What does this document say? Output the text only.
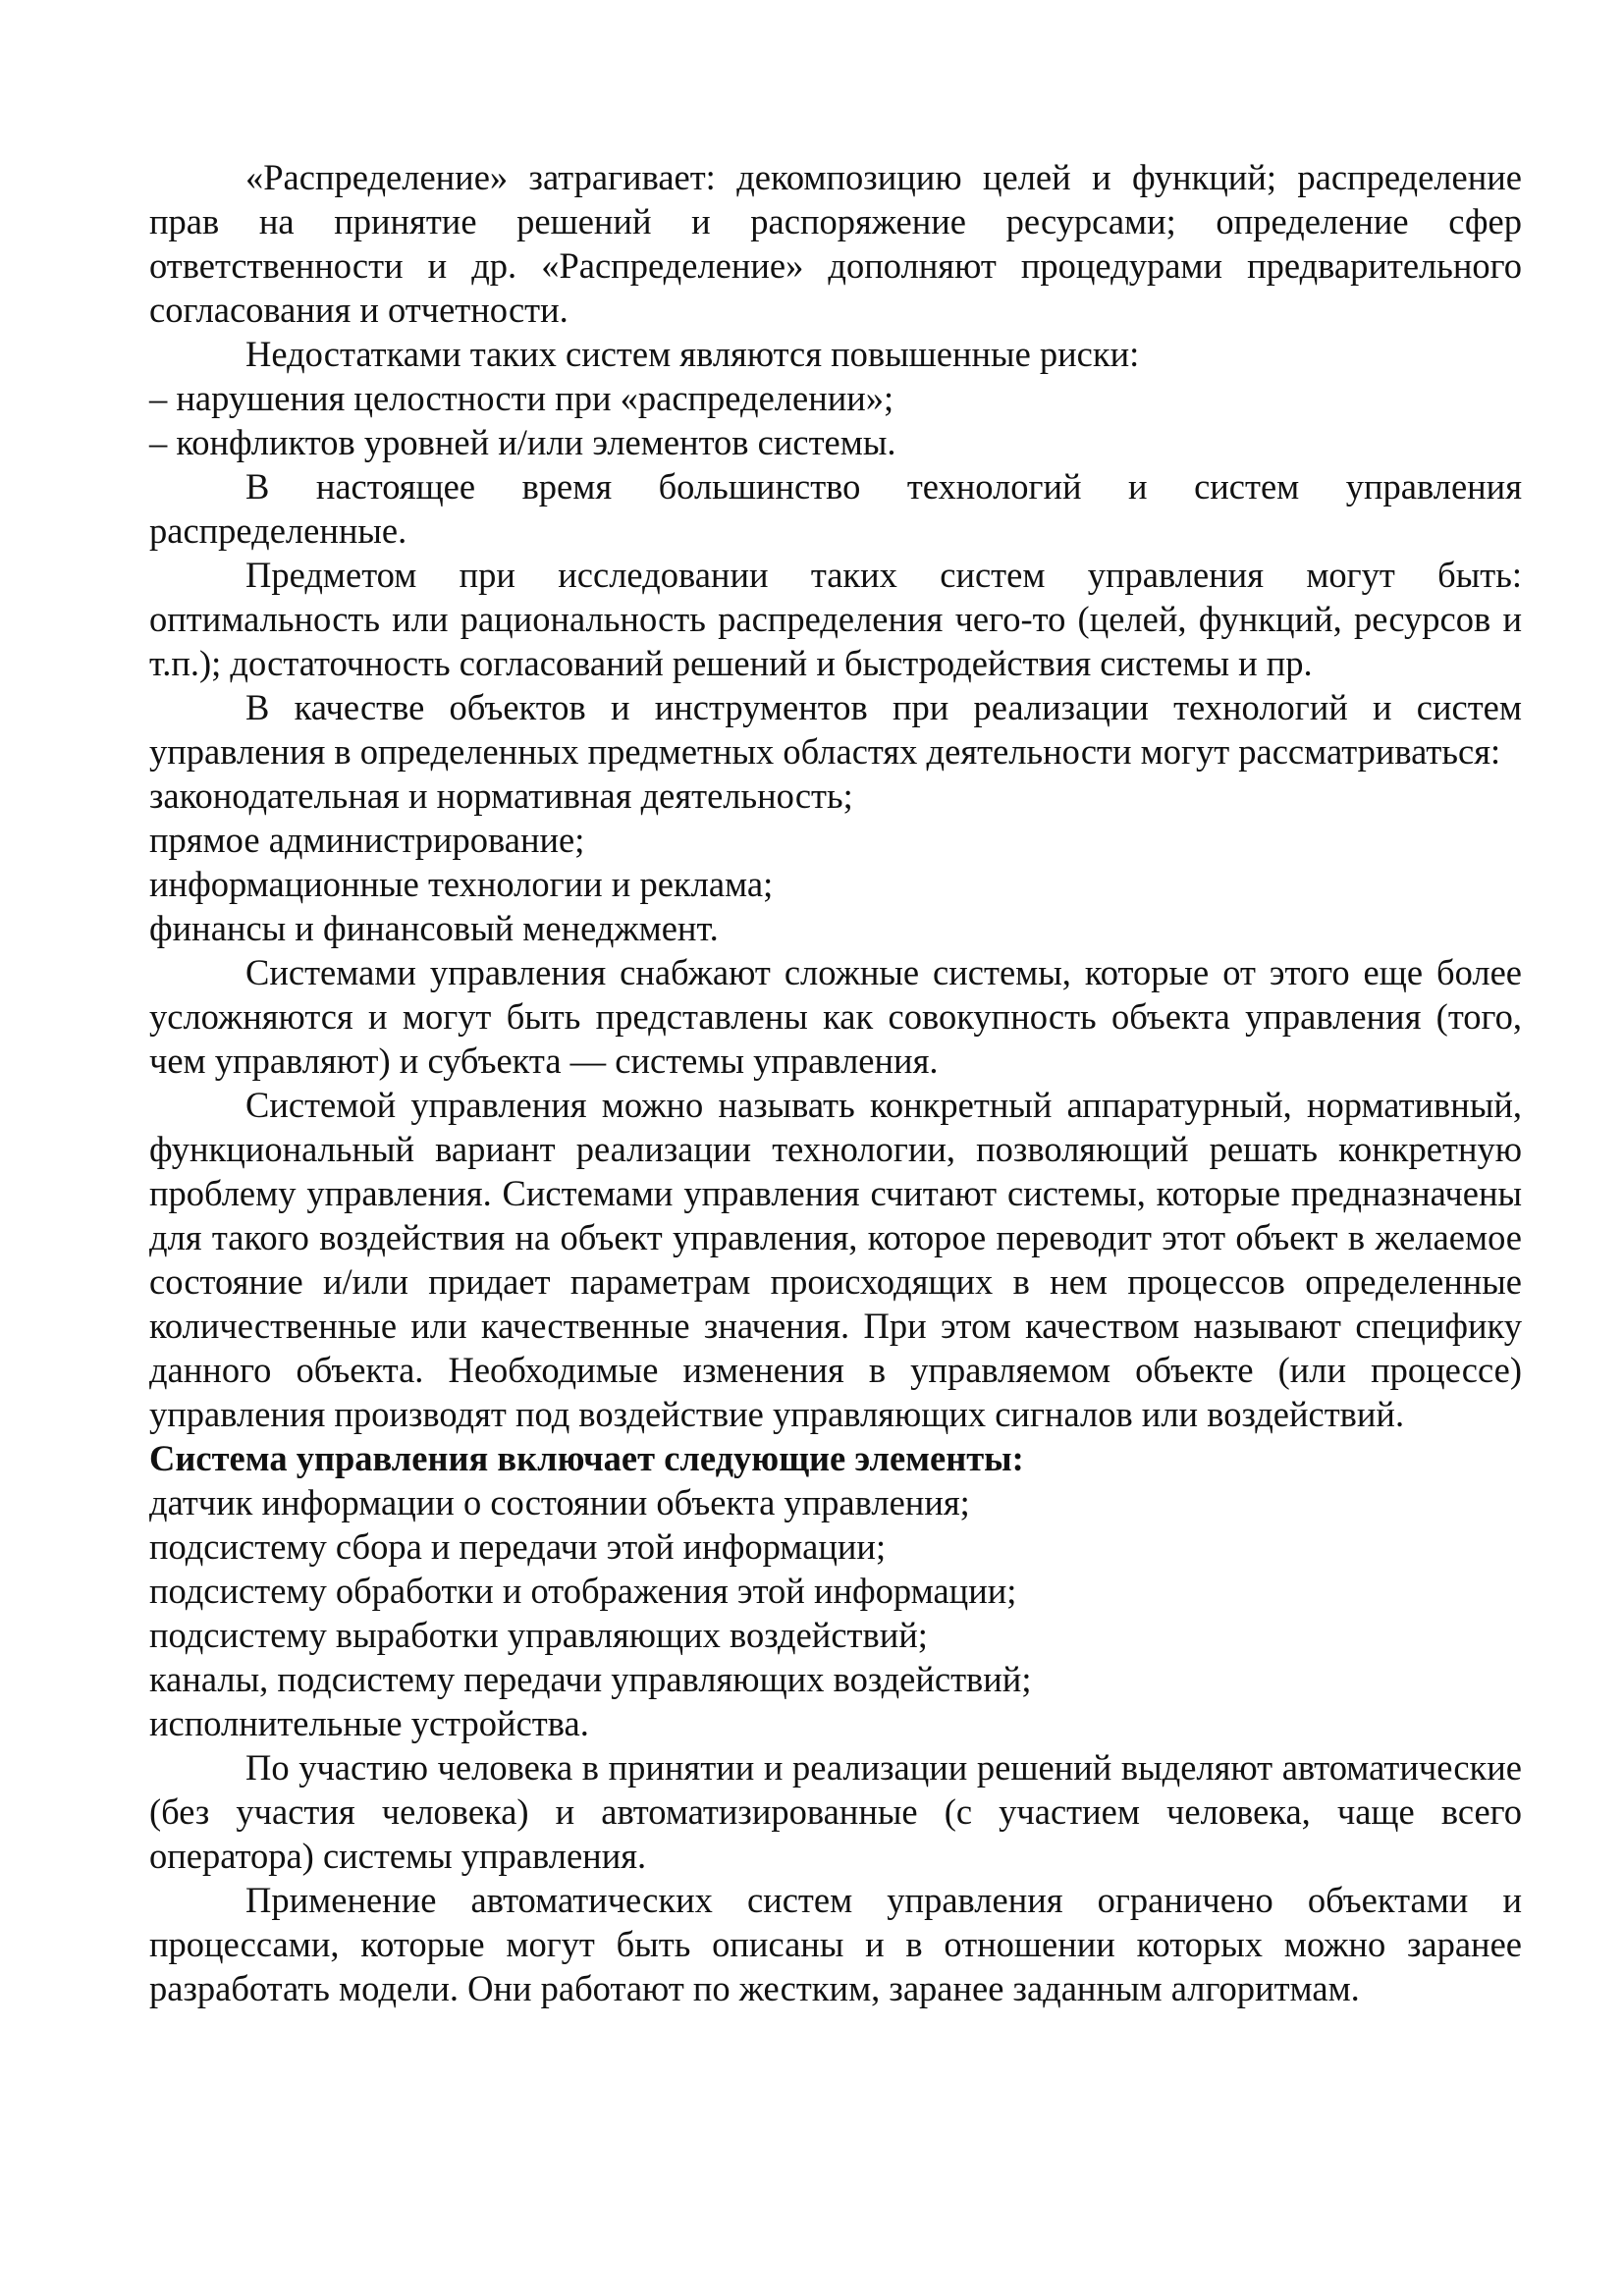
«Распределение» затрагивает: декомпозицию целей и функций; распределение прав на принятие решений и распоряжение ресурсами; определение сфер ответственности и др. «Распределение» дополняют процедурами предварительного согласования и отчетности.

Недостатками таких систем являются повышенные риски:

– нарушения целостности при «распределении»;

– конфликтов уровней и/или элементов системы.

В настоящее время большинство технологий и систем управления распределенные.

Предметом при исследовании таких систем управления могут быть: оптимальность или рациональность распределения чего-то (целей, функций, ресурсов и т.п.); достаточность согласований решений и быстродействия системы и пр.

В качестве объектов и инструментов при реализации технологий и систем управления в определенных предметных областях деятельности могут рассматриваться:

законодательная и нормативная деятельность;

прямое администрирование;

информационные технологии и реклама;

финансы и финансовый менеджмент.

Системами управления снабжают сложные системы, которые от этого еще более усложняются и могут быть представлены как совокупность объекта управления (того, чем управляют) и субъекта — системы управления.

Системой управления можно называть конкретный аппаратурный, нормативный, функциональный вариант реализации технологии, позволяющий решать конкретную проблему управления. Системами управления считают системы, которые предназначены для такого воздействия на объект управления, которое переводит этот объект в желаемое состояние и/или придает параметрам происходящих в нем процессов определенные количественные или качественные значения. При этом качеством называют специфику данного объекта. Необходимые изменения в управляемом объекте (или процессе) управления производят под воздействие управляющих сигналов или воздействий.

Система управления включает следующие элементы:

датчик информации о состоянии объекта управления;

подсистему сбора и передачи этой информации;

подсистему обработки и отображения этой информации;

подсистему выработки управляющих воздействий;

каналы, подсистему передачи управляющих воздействий;

исполнительные устройства.

По участию человека в принятии и реализации решений выделяют автоматические (без участия человека) и автоматизированные (с участием человека, чаще всего оператора) системы управления.

Применение автоматических систем управления ограничено объектами и процессами, которые могут быть описаны и в отношении которых можно заранее разработать модели. Они работают по жестким, заранее заданным алгоритмам.
